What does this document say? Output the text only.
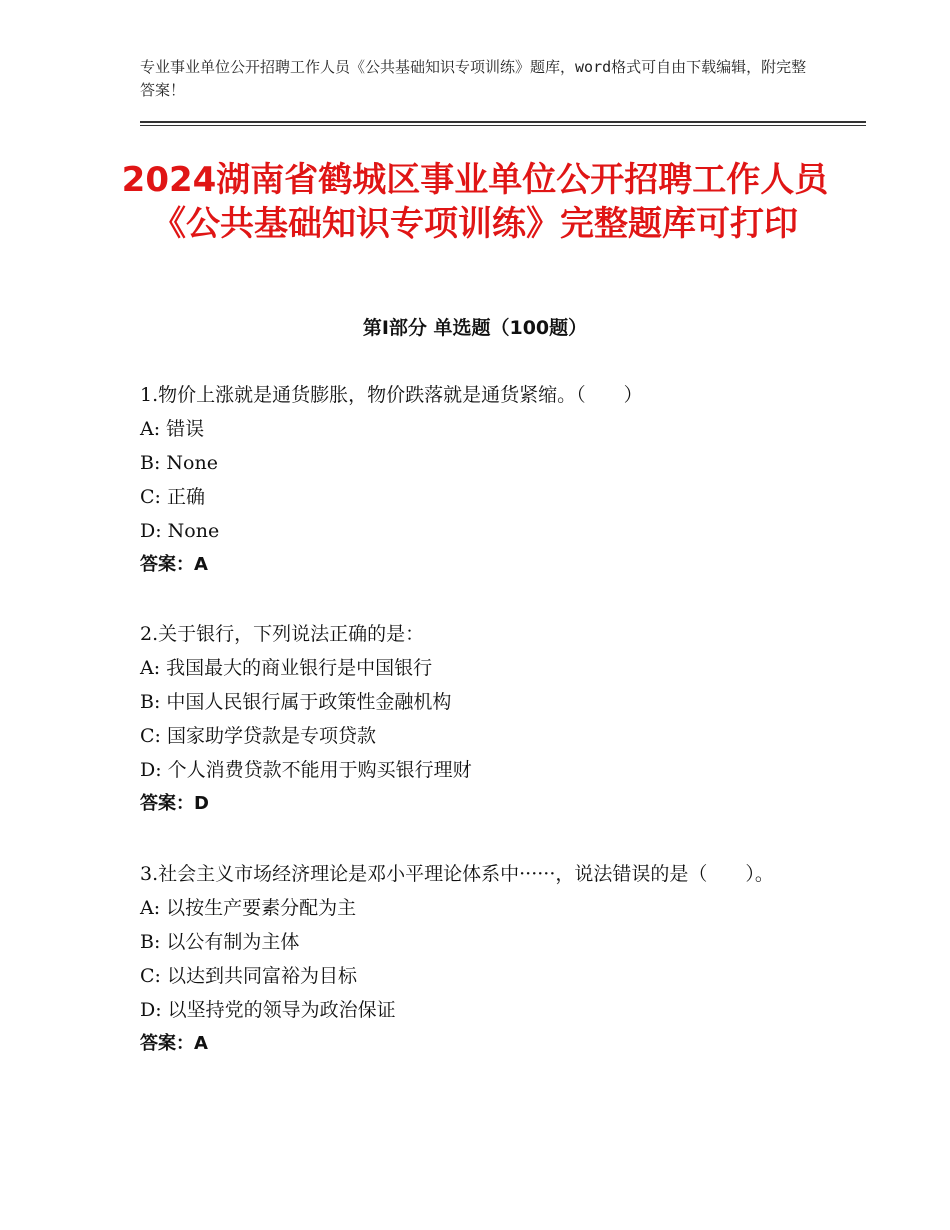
专业事业单位公开招聘工作人员《公共基础知识专项训练》题库，word格式可自由下载编辑，附完整答案！
2024湖南省鹤城区事业单位公开招聘工作人员《公共基础知识专项训练》完整题库可打印
第Ⅰ部分 单选题（100题）
1.物价上涨就是通货膨胀，物价跌落就是通货紧缩。（　　）
A: 错误
B: None
C: 正确
D: None
答案：A
2.关于银行，下列说法正确的是：
A: 我国最大的商业银行是中国银行
B: 中国人民银行属于政策性金融机构
C: 国家助学贷款是专项贷款
D: 个人消费贷款不能用于购买银行理财
答案：D
3.社会主义市场经济理论是邓小平理论体系中······，说法错误的是（　　）。
A: 以按生产要素分配为主
B: 以公有制为主体
C: 以达到共同富裕为目标
D: 以坚持党的领导为政治保证
答案：A
